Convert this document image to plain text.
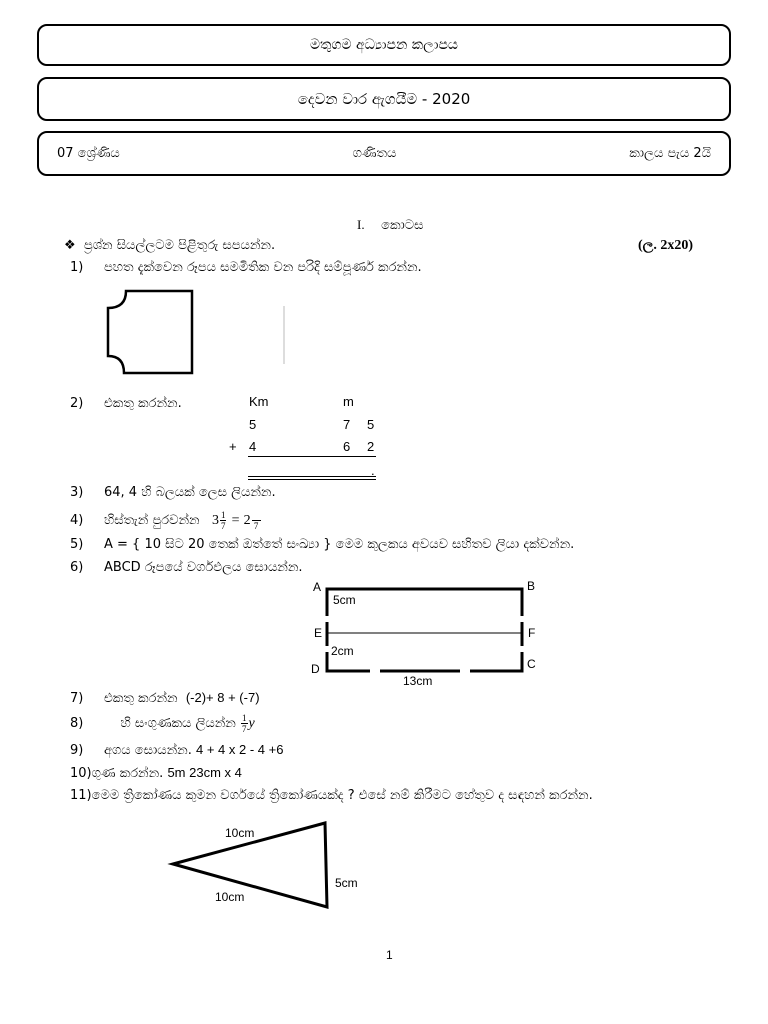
මතුගම අධ්‍යාපන කලාපය
දෙවන වාර ඇගයීම - 2020
07 ශ්‍රේණිය	ගණිතය	කාලය පැය 2යි
I. කොටස
❖ ප්‍රශ්න සියල්ලටම පිළිතුරු සපයන්න.	(ල. 2x20)
1) පහත දැක්වෙන රූපය සමමිතික වන පරිදි සම්පූර්ණ කරන්න.
2) එකතු කරන්න.	Km	m
5	7 5
+ 4	6 2
.
3) 64, 4 හි බලයක් ලෙස ලියන්න.
4) හිස්තැන් පුරවන්න $3 \frac{1}{7} = 2$
7
5) A = { 10 සිට 20 තෙක් ඔත්තේ සංඛ්‍යා } මෙම කුලකය අවයව සහිතව ලියා දක්වන්න.
6) ABCD රූපයේ වර්ගඵලය සොයන්න.
A	B
C
D
E	F
5cm
2cm
13cm
7) එකතු කරන්න (-2)+ 8 + (-7)
8)	හි සංගුණකය ලියන්න $\frac{1}{7}$ y
9) අගය සොයන්න. 4 + 4 x 2 - 4 +6
10)ගුණ කරන්න. 5m 23cm x 4
11)මෙම ත්‍රිකෝණය කුමන වර්ගයේ ත්‍රිකෝණයක්ද ? එසේ නම් කිරීමට හේතුව ද සඳහන් කරන්න.
10cm
10cm
5cm
1
